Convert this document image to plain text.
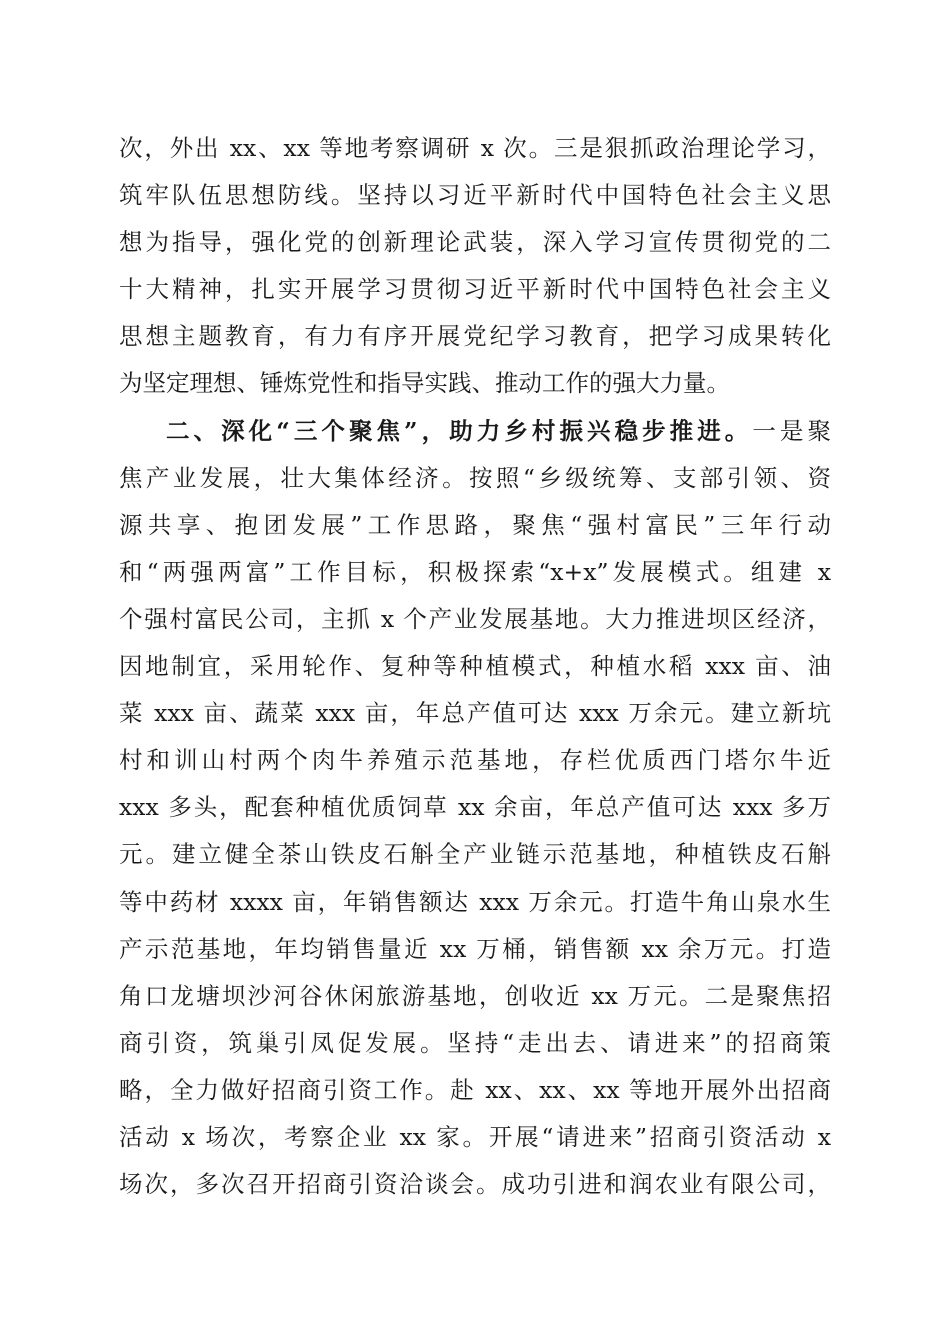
次，外出 xx、xx 等地考察调研 x 次。三是狠抓政治理论学习，
筑牢队伍思想防线。坚持以习近平新时代中国特色社会主义思
想为指导，强化党的创新理论武装，深入学习宣传贯彻党的二
十大精神，扎实开展学习贯彻习近平新时代中国特色社会主义
思想主题教育，有力有序开展党纪学习教育，把学习成果转化
为坚定理想、锤炼党性和指导实践、推动工作的强大力量。
二、深化“三个聚焦”，助力乡村振兴稳步推进。一是聚
焦产业发展，壮大集体经济。按照“乡级统筹、支部引领、资
源共享、抱团发展”工作思路，聚焦“强村富民”三年行动
和“两强两富”工作目标，积极探索“x+x”发展模式。组建 x
个强村富民公司，主抓 x 个产业发展基地。大力推进坝区经济，
因地制宜，采用轮作、复种等种植模式，种植水稻 xxx 亩、油
菜 xxx 亩、蔬菜 xxx 亩，年总产值可达 xxx 万余元。建立新坑
村和训山村两个肉牛养殖示范基地，存栏优质西门塔尔牛近
xxx 多头，配套种植优质饲草 xx 余亩，年总产值可达 xxx 多万
元。建立健全茶山铁皮石斛全产业链示范基地，种植铁皮石斛
等中药材 xxxx 亩，年销售额达 xxx 万余元。打造牛角山泉水生
产示范基地，年均销售量近 xx 万桶，销售额 xx 余万元。打造
角口龙塘坝沙河谷休闲旅游基地，创收近 xx 万元。二是聚焦招
商引资，筑巢引凤促发展。坚持“走出去、请进来”的招商策
略，全力做好招商引资工作。赴 xx、xx、xx 等地开展外出招商
活动 x 场次，考察企业 xx 家。开展“请进来”招商引资活动 x
场次，多次召开招商引资洽谈会。成功引进和润农业有限公司，
